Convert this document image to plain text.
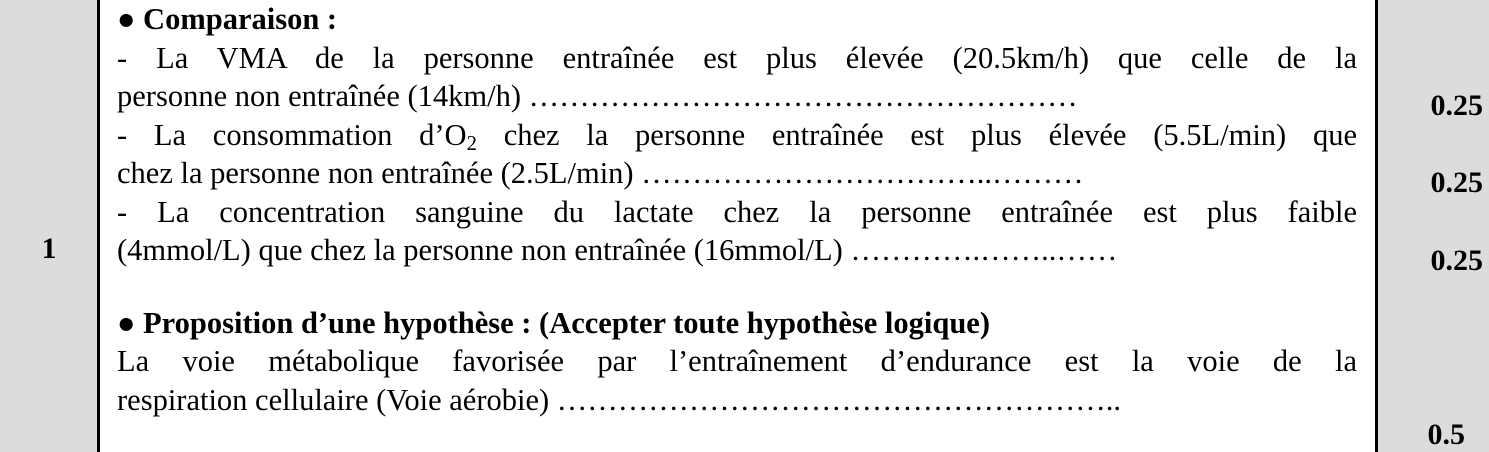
1
● Comparaison :
- La VMA de la personne entraînée est plus élevée (20.5km/h) que celle de la
personne non entraînée (14km/h) ………………………………………………
- La consommation $d’O_2$ chez la personne entraînée est plus élevée (5.5L/min) que
chez la personne non entraînée (2.5L/min) ……………………………..………
- La concentration sanguine du lactate chez la personne entraînée est plus faible
(4mmol/L) que chez la personne non entraînée (16mmol/L) ………….……..……
● Proposition d’une hypothèse : (Accepter toute hypothèse logique)
La voie métabolique favorisée par l’entraînement d’endurance est la voie de la
respiration cellulaire (Voie aérobie) ………………………………………………..
0.25
0.25
0.25
0.5
